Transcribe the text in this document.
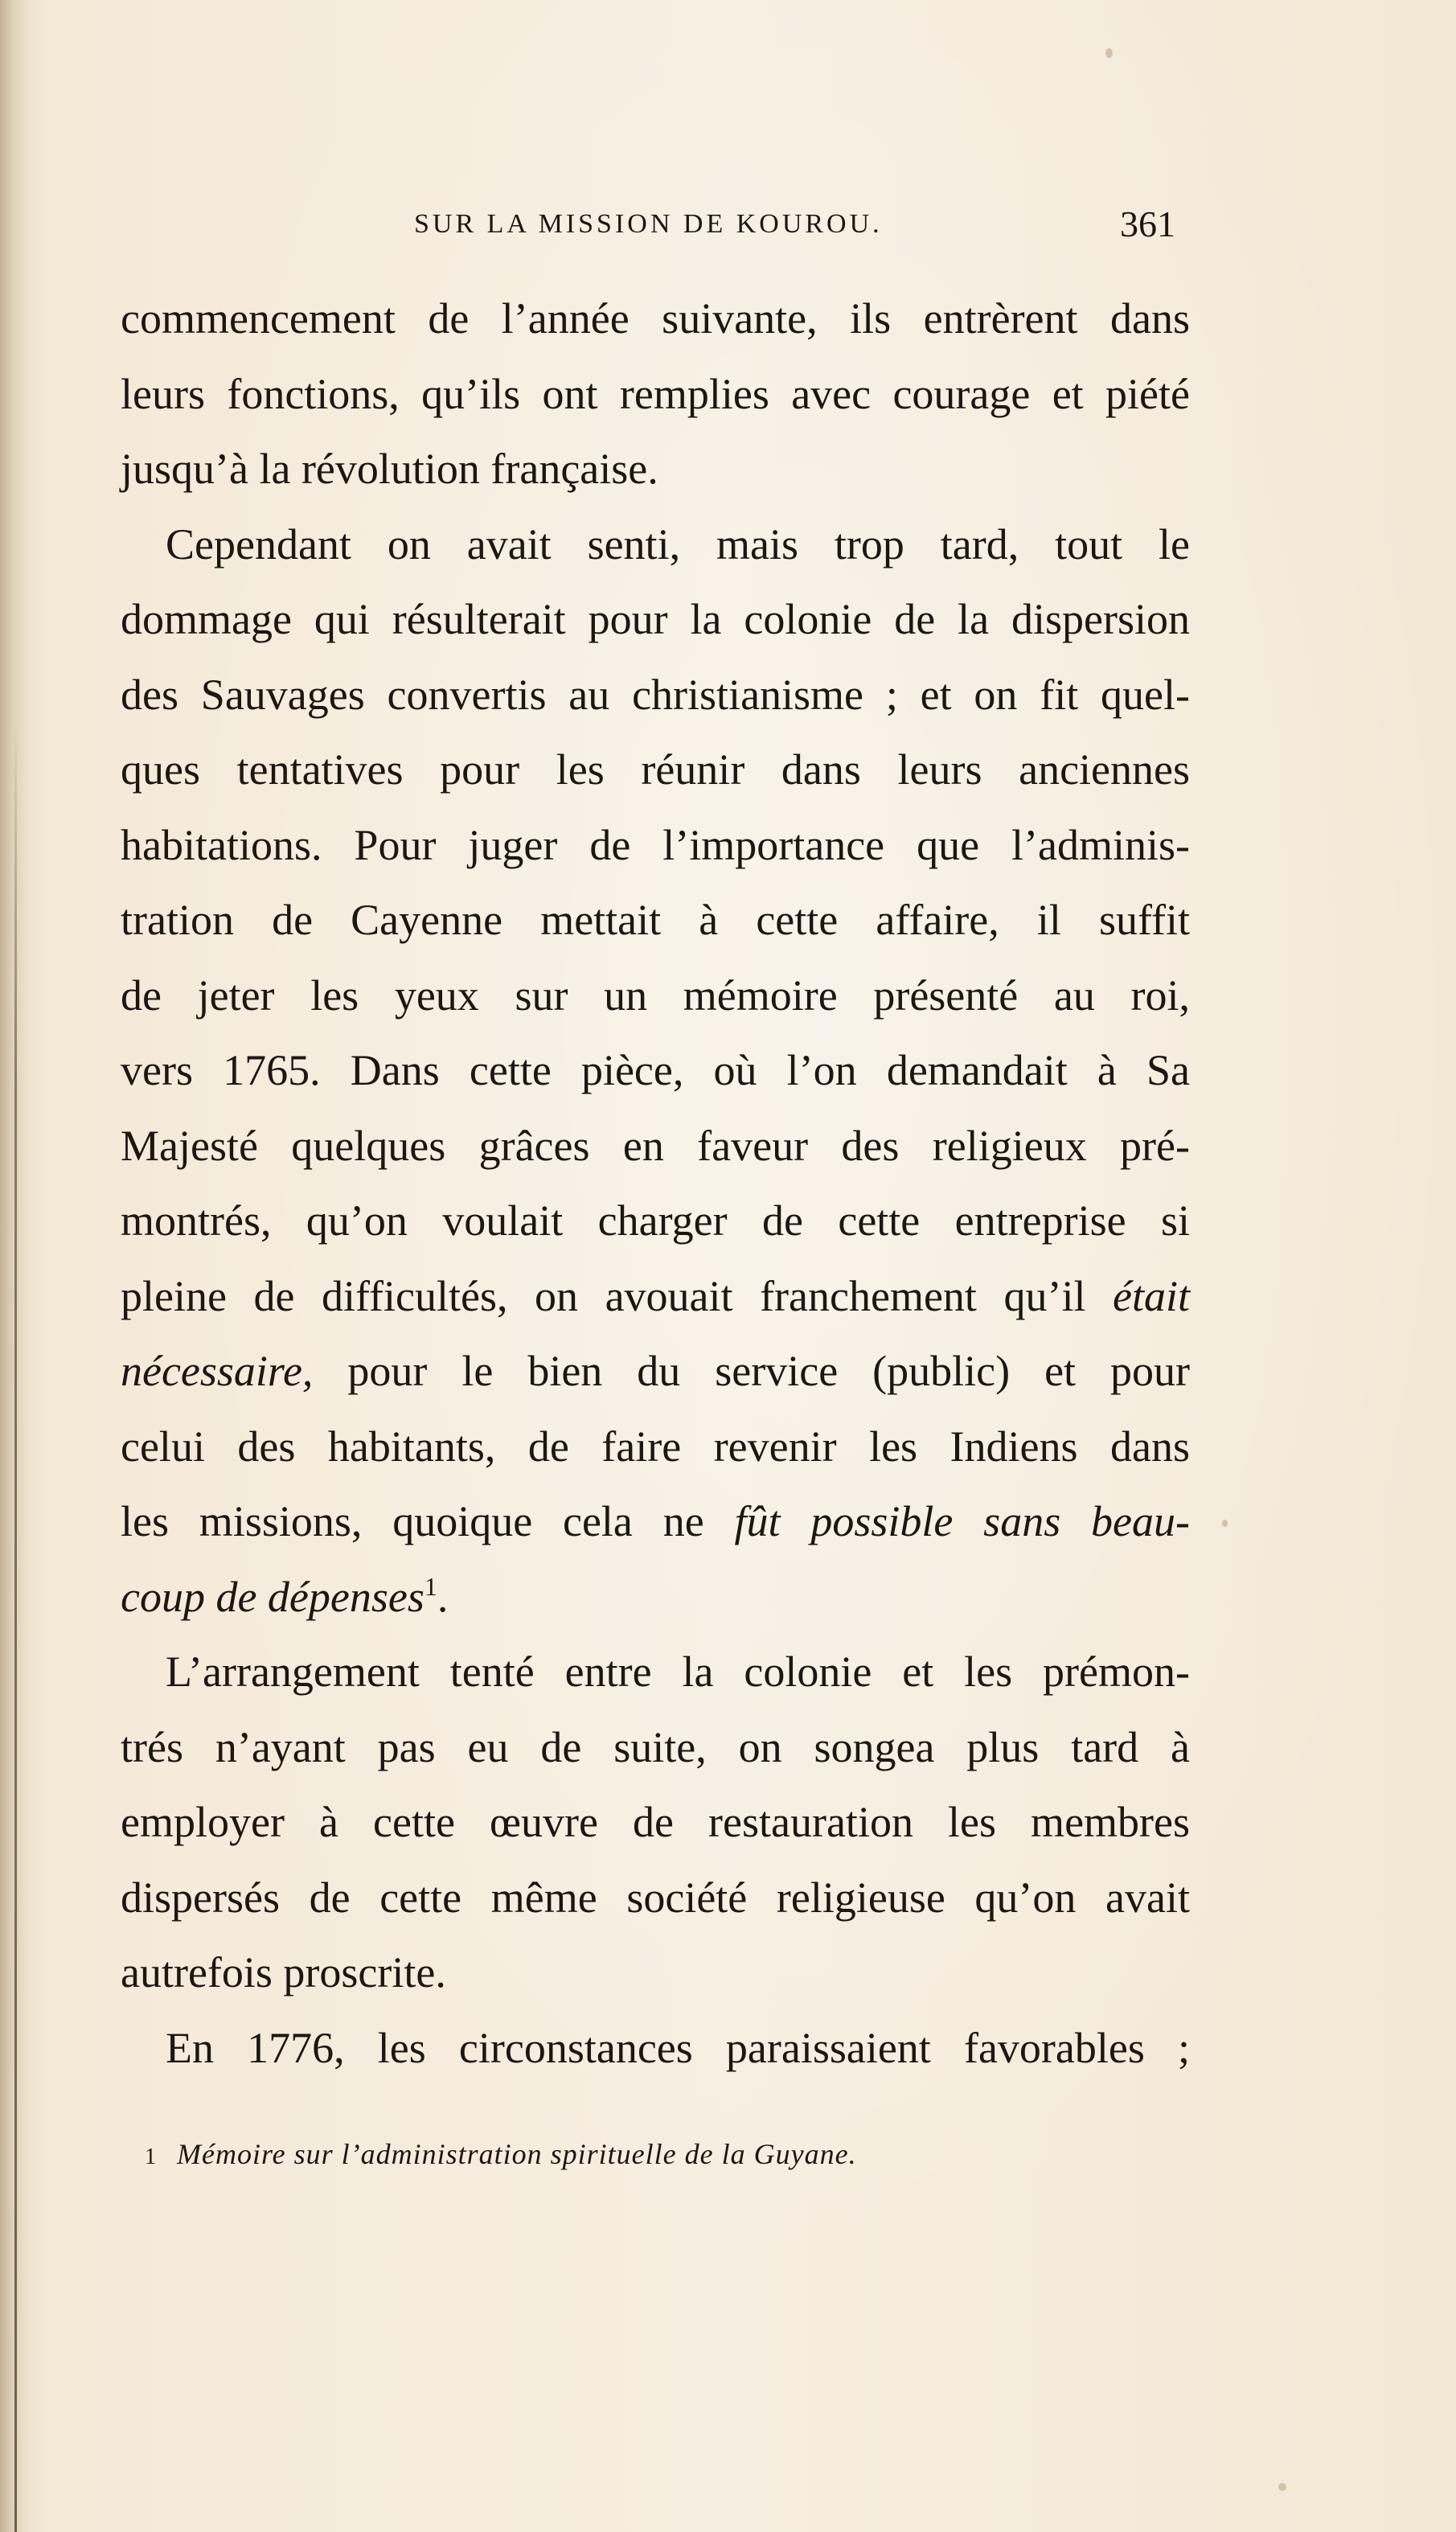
SUR LA MISSION DE KOUROU.	361
commencement de l’année suivante, ils entrèrent dans
leurs fonctions, qu’ils ont remplies avec courage et piété
jusqu’à la révolution française.
Cependant on avait senti, mais trop tard, tout le
dommage qui résulterait pour la colonie de la dispersion
des Sauvages convertis au christianisme ; et on fit quel-
ques tentatives pour les réunir dans leurs anciennes
habitations. Pour juger de l’importance que l’adminis-
tration de Cayenne mettait à cette affaire, il suffit
de jeter les yeux sur un mémoire présenté au roi,
vers 1765. Dans cette pièce, où l’on demandait à Sa
Majesté quelques grâces en faveur des religieux pré-
montrés, qu’on voulait charger de cette entreprise si
pleine de difficultés, on avouait franchement qu’il était
nécessaire, pour le bien du service (public) et pour
celui des habitants, de faire revenir les Indiens dans
les missions, quoique cela ne fût possible sans beau-
coup de dépenses$^1$.
L’arrangement tenté entre la colonie et les prémon-
trés n’ayant pas eu de suite, on songea plus tard à
employer à cette œuvre de restauration les membres
dispersés de cette même société religieuse qu’on avait
autrefois proscrite.
En 1776, les circonstances paraissaient favorables ;
1 Mémoire sur l’administration spirituelle de la Guyane.
